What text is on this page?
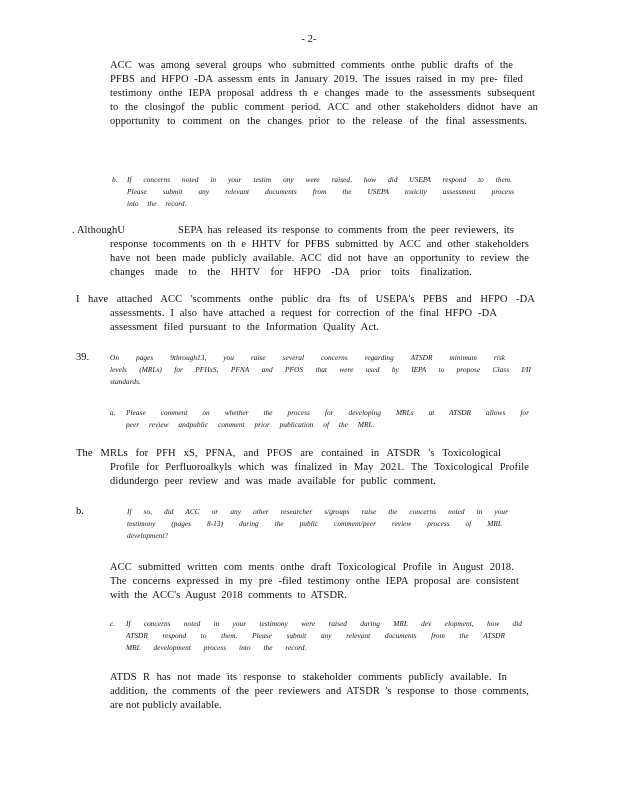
- 2-
ACC was among several groups who submitted comments onthe public drafts of the
PFBS and HFPO -DA assessm ents in January 2019. The issues raised in my pre- filed
testimony onthe IEPA proposal address th e changes made to the assessments subsequent
to the closingof the public comment period. ACC and other stakeholders didnot have an
opportunity to comment on the changes prior to the release of the final assessments.
b. If concerns noted in your testim ony were raised, how did USEPA respond to them.
Please submit any relevant documents from the USEPA toxicity assessment process
into the record.
. AlthoughU	SEPA has released its response to comments from the peer reviewers, its
response tocomments on th e HHTV for PFBS submitted by ACC and other stakeholders
have not been made publicly available. ACC did not have an opportunity to review the
changes made to the HHTV for HFPO -DA prior toits finalization.
I have attached ACC 'scomments onthe public dra fts of USEPA's PFBS and HFPO -DA
assessments. I also have attached a request for correction of the final HFPO -DA
assessment filed pursuant to the Information Quality Act.
39.	On pages 9through13, you raise several concerns regarding ATSDR minimum risk
levels (MRLs) for PFHxS, PFNA and PFOS that were used by IEPA to propose Class I/II
standards.
a. Please comment on whether the process for developing MRLs at ATSDR allows for
peer review andpublic comment prior publication of the MRL.
The MRLs for PFH xS, PFNA, and PFOS are contained in ATSDR 's Toxicological
Profile for Perfluoroalkyls which was finalized in May 2021. The Toxicological Profile
didundergo peer review and was made available for public comment.
b.	If so, did ACC or any other researcher s/groups raise the concerns noted in your
testimony (pages 8-13) during the public comment/peer review process of MRL
development?
ACC submitted written com ments onthe draft Toxicological Profile in August 2018.
The concerns expressed in my pre -filed testimony onthe IEPA proposal are consistent
with the ACC's August 2018 comments to ATSDR.
c. If concerns noted in your testimony were raised during MRL dev elopment, how did
ATSDR respond to them. Please submit any relevant documents from the ATSDR
MRL development process into the record.
ATDS R has not made its response to stakeholder comments publicly available. In
addition, the comments of the peer reviewers and ATSDR 's response to those comments,
are not publicly available.
